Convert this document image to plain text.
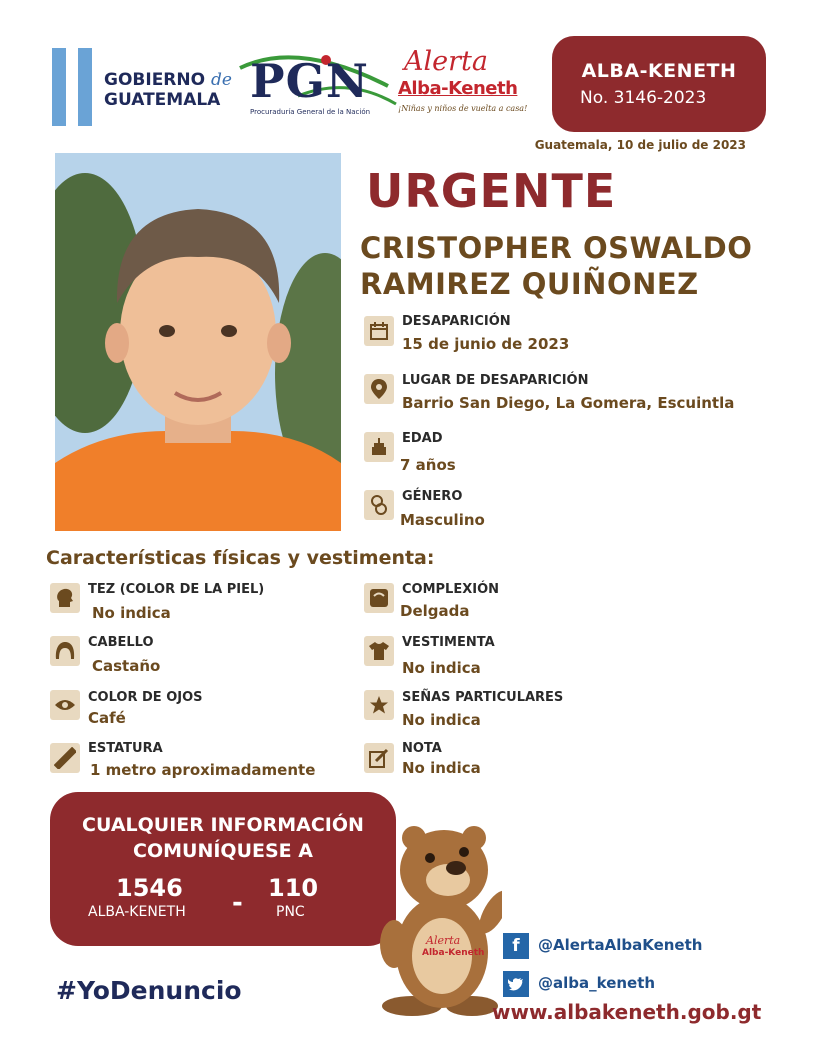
GOBIERNO de
GUATEMALA PGN
Procuraduría General de la Nación
Alerta
Alba-Keneth
¡Niñas y niños de vuelta a casa!
ALBA-KENETH
No. 3146-2023
Guatemala, 10 de julio de 2023
URGENTE
CRISTOPHER OSWALDO
RAMIREZ QUIÑONEZ
DESAPARICIÓN
15 de junio de 2023
LUGAR DE DESAPARICIÓN
Barrio San Diego, La Gomera, Escuintla
EDAD
7 años
GÉNERO
Masculino
Características físicas y vestimenta:
TEZ (COLOR DE LA PIEL)
No indica
CABELLO
Castaño
COLOR DE OJOS
Café
ESTATURA
1 metro aproximadamente
COMPLEXIÓN
Delgada
VESTIMENTA
No indica
SEÑAS PARTICULARES
No indica
NOTA
No indica
CUALQUIER INFORMACIÓN
COMUNÍQUESE A
1546
ALBA-KENETH - 110
PNC
Alerta
Alba-Keneth
#YoDenuncio
f	@AlertaAlbaKeneth
@alba_keneth
www.albakeneth.gob.gt
